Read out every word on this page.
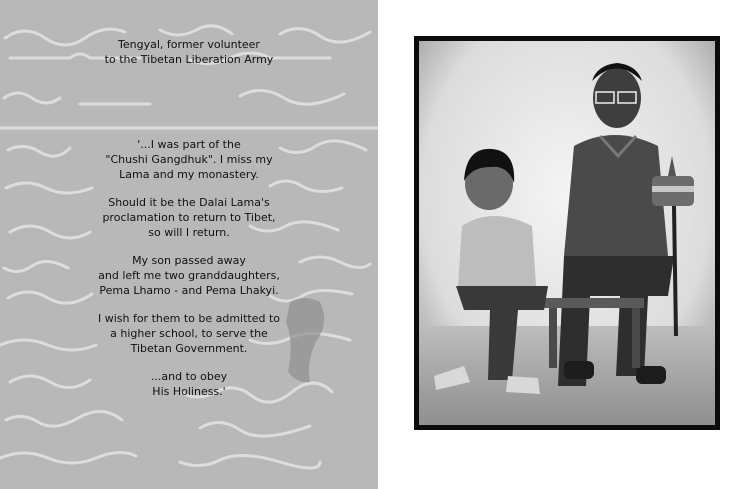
Tengyal, former volunteer
to the Tibetan Liberation Army

'...I was part of the
"Chushi Gangdhuk". I miss my
Lama and my monastery.

Should it be the Dalai Lama's
proclamation to return to Tibet,
so will I return.

My son passed away
and left me two granddaughters,
Pema Lhamo - and Pema Lhakyi.

I wish for them to be admitted to
a higher school, to serve the
Tibetan Government.

...and to obey
His Holiness.'
